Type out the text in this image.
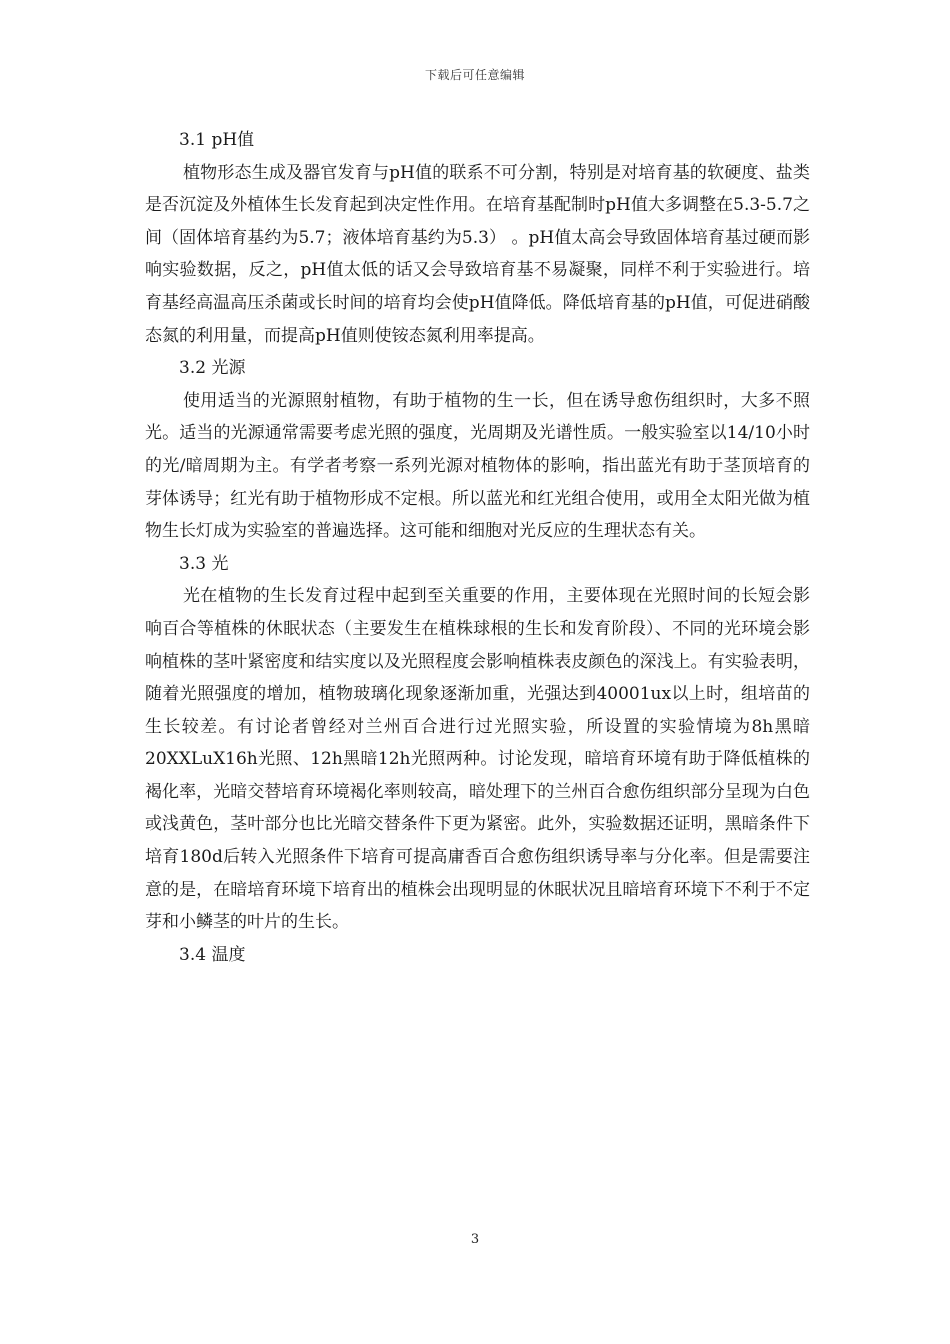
下载后可任意编辑

3.1 pH值

植物形态生成及器官发育与pH值的联系不可分割，特别是对培育基的软硬度、盐类是否沉淀及外植体生长发育起到决定性作用。在培育基配制时pH值大多调整在5.3-5.7之间（固体培育基约为5.7；液体培育基约为5.3） 。pH值太高会导致固体培育基过硬而影响实验数据，反之，pH值太低的话又会导致培育基不易凝聚，同样不利于实验进行。培育基经高温高压杀菌或长时间的培育均会使pH值降低。降低培育基的pH值，可促进硝酸态氮的利用量，而提高pH值则使铵态氮利用率提高。

3.2 光源

使用适当的光源照射植物，有助于植物的生一长，但在诱导愈伤组织时，大多不照光。适当的光源通常需要考虑光照的强度，光周期及光谱性质。一般实验室以14/10小时的光/暗周期为主。有学者考察一系列光源对植物体的影响，指出蓝光有助于茎顶培育的芽体诱导；红光有助于植物形成不定根。所以蓝光和红光组合使用，或用全太阳光做为植物生长灯成为实验室的普遍选择。这可能和细胞对光反应的生理状态有关。

3.3 光

光在植物的生长发育过程中起到至关重要的作用，主要体现在光照时间的长短会影响百合等植株的休眠状态（主要发生在植株球根的生长和发育阶段）、不同的光环境会影响植株的茎叶紧密度和结实度以及光照程度会影响植株表皮颜色的深浅上。有实验表明，随着光照强度的增加，植物玻璃化现象逐渐加重，光强达到40001ux以上时，组培苗的生长较差。有讨论者曾经对兰州百合进行过光照实验，所设置的实验情境为8h黑暗20XXLuX16h光照、12h黑暗12h光照两种。讨论发现，暗培育环境有助于降低植株的褐化率，光暗交替培育环境褐化率则较高，暗处理下的兰州百合愈伤组织部分呈现为白色或浅黄色，茎叶部分也比光暗交替条件下更为紧密。此外，实验数据还证明，黑暗条件下培育180d后转入光照条件下培育可提高庸香百合愈伤组织诱导率与分化率。但是需要注意的是，在暗培育环境下培育出的植株会出现明显的休眠状况且暗培育环境下不利于不定芽和小鳞茎的叶片的生长。

3.4 温度

3
